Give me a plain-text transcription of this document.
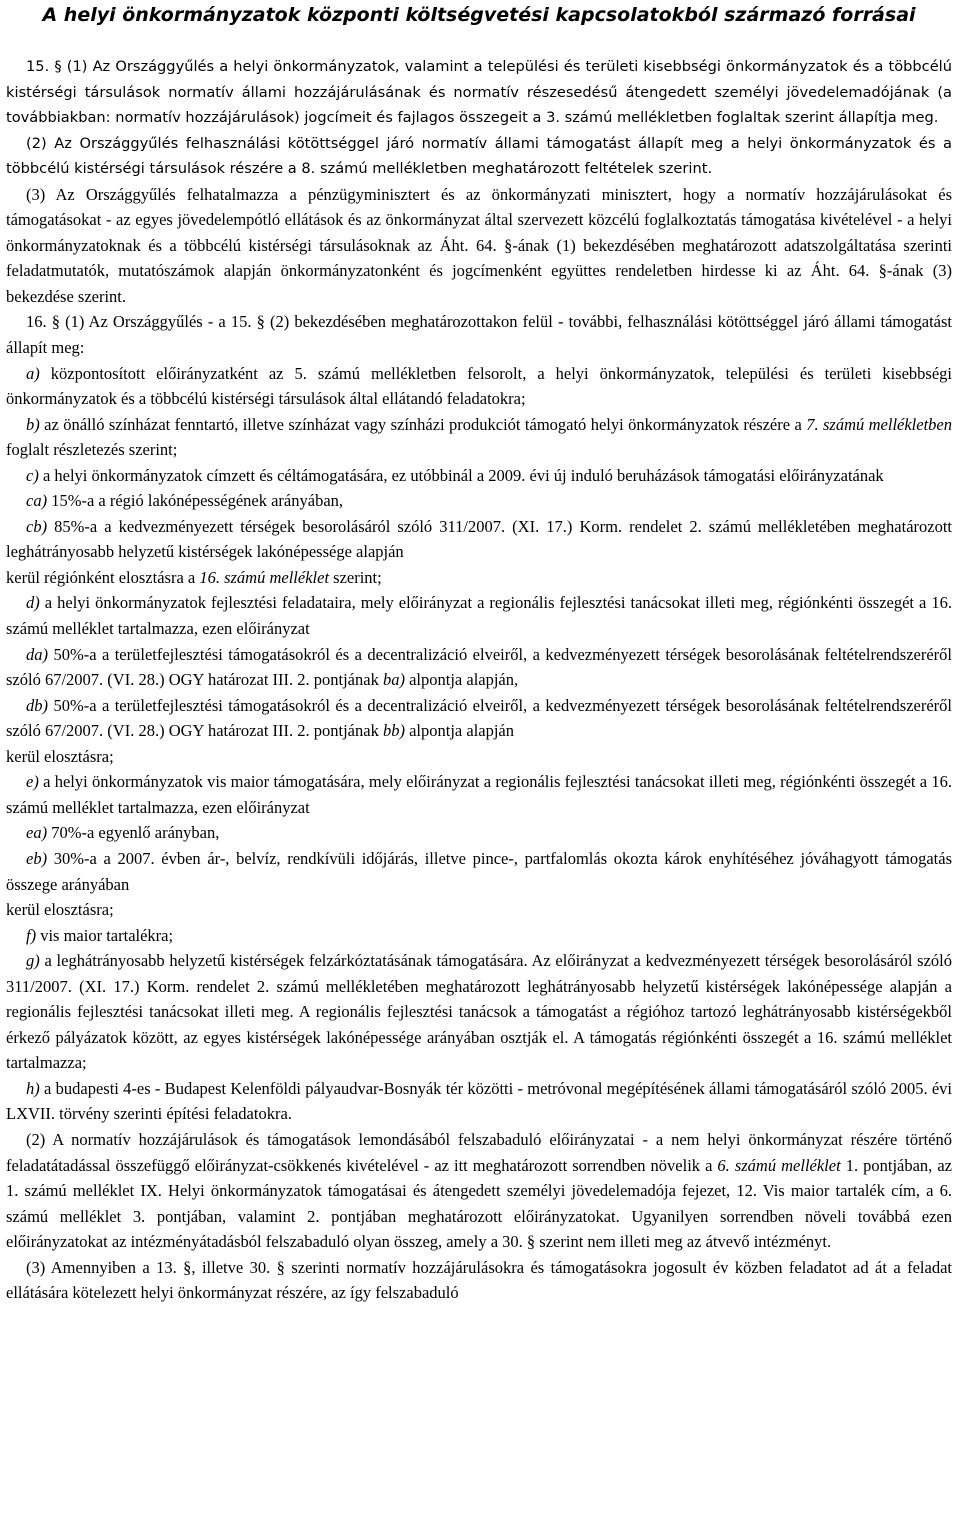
A helyi önkormányzatok központi költségvetési kapcsolatokból származó forrásai

15. § (1) Az Országgyűlés a helyi önkormányzatok, valamint a települési és területi kisebbségi önkormányzatok és a többcélú kistérségi társulások normatív állami hozzájárulásának és normatív részesedésű átengedett személyi jövedelemadójának (a továbbiakban: normatív hozzájárulások) jogcímeit és fajlagos összegeit a 3. számú mellékletben foglaltak szerint állapítja meg.

(2) Az Országgyűlés felhasználási kötöttséggel járó normatív állami támogatást állapít meg a helyi önkormányzatok és a többcélú kistérségi társulások részére a 8. számú mellékletben meghatározott feltételek szerint.

(3) Az Országgyűlés felhatalmazza a pénzügyminisztert és az önkormányzati minisztert, hogy a normatív hozzájárulásokat és támogatásokat - az egyes jövedelempótló ellátások és az önkormányzat által szervezett közcélú foglalkoztatás támogatása kivételével - a helyi önkormányzatoknak és a többcélú kistérségi társulásoknak az Áht. 64. §-ának (1) bekezdésében meghatározott adatszolgáltatása szerinti feladatmutatók, mutatószámok alapján önkormányzatonként és jogcímenként együttes rendeletben hirdesse ki az Áht. 64. §-ának (3) bekezdése szerint.

16. § (1) Az Országgyűlés - a 15. § (2) bekezdésében meghatározottakon felül - további, felhasználási kötöttséggel járó állami támogatást állapít meg:

a) központosított előirányzatként az 5. számú mellékletben felsorolt, a helyi önkormányzatok, települési és területi kisebbségi önkormányzatok és a többcélú kistérségi társulások által ellátandó feladatokra;

b) az önálló színházat fenntartó, illetve színházat vagy színházi produkciót támogató helyi önkormányzatok részére a 7. számú mellékletben foglalt részletezés szerint;

c) a helyi önkormányzatok címzett és céltámogatására, ez utóbbinál a 2009. évi új induló beruházások támogatási előirányzatának

ca) 15%-a a régió lakónépességének arányában,

cb) 85%-a a kedvezményezett térségek besorolásáról szóló 311/2007. (XI. 17.) Korm. rendelet 2. számú mellékletében meghatározott leghátrányosabb helyzetű kistérségek lakónépessége alapján

kerül régiónként elosztásra a 16. számú melléklet szerint;

d) a helyi önkormányzatok fejlesztési feladataira, mely előirányzat a regionális fejlesztési tanácsokat illeti meg, régiónkénti összegét a 16. számú melléklet tartalmazza, ezen előirányzat

da) 50%-a a területfejlesztési támogatásokról és a decentralizáció elveiről, a kedvezményezett térségek besorolásának feltételrendszeréről szóló 67/2007. (VI. 28.) OGY határozat III. 2. pontjának ba) alpontja alapján,

db) 50%-a a területfejlesztési támogatásokról és a decentralizáció elveiről, a kedvezményezett térségek besorolásának feltételrendszeréről szóló 67/2007. (VI. 28.) OGY határozat III. 2. pontjának bb) alpontja alapján

kerül elosztásra;

e) a helyi önkormányzatok vis maior támogatására, mely előirányzat a regionális fejlesztési tanácsokat illeti meg, régiónkénti összegét a 16. számú melléklet tartalmazza, ezen előirányzat

ea) 70%-a egyenlő arányban,

eb) 30%-a a 2007. évben ár-, belvíz, rendkívüli időjárás, illetve pince-, partfalomlás okozta károk enyhítéséhez jóváhagyott támogatás összege arányában

kerül elosztásra;

f) vis maior tartalékra;

g) a leghátrányosabb helyzetű kistérségek felzárkóztatásának támogatására. Az előirányzat a kedvezményezett térségek besorolásáról szóló 311/2007. (XI. 17.) Korm. rendelet 2. számú mellékletében meghatározott leghátrányosabb helyzetű kistérségek lakónépessége alapján a regionális fejlesztési tanácsokat illeti meg. A regionális fejlesztési tanácsok a támogatást a régióhoz tartozó leghátrányosabb kistérségekből érkező pályázatok között, az egyes kistérségek lakónépessége arányában osztják el. A támogatás régiónkénti összegét a 16. számú melléklet tartalmazza;

h) a budapesti 4-es - Budapest Kelenföldi pályaudvar-Bosnyák tér közötti - metróvonal megépítésének állami támogatásáról szóló 2005. évi LXVII. törvény szerinti építési feladatokra.

(2) A normatív hozzájárulások és támogatások lemondásából felszabaduló előirányzatai - a nem helyi önkormányzat részére történő feladatátadással összefüggő előirányzat-csökkenés kivételével - az itt meghatározott sorrendben növelik a 6. számú melléklet 1. pontjában, az 1. számú melléklet IX. Helyi önkormányzatok támogatásai és átengedett személyi jövedelemadója fejezet, 12. Vis maior tartalék cím, a 6. számú melléklet 3. pontjában, valamint 2. pontjában meghatározott előirányzatokat. Ugyanilyen sorrendben növeli továbbá ezen előirányzatokat az intézményátadásból felszabaduló olyan összeg, amely a 30. § szerint nem illeti meg az átvevő intézményt.

(3) Amennyiben a 13. §, illetve 30. § szerinti normatív hozzájárulásokra és támogatásokra jogosult év közben feladatot ad át a feladat ellátására kötelezett helyi önkormányzat részére, az így felszabaduló
